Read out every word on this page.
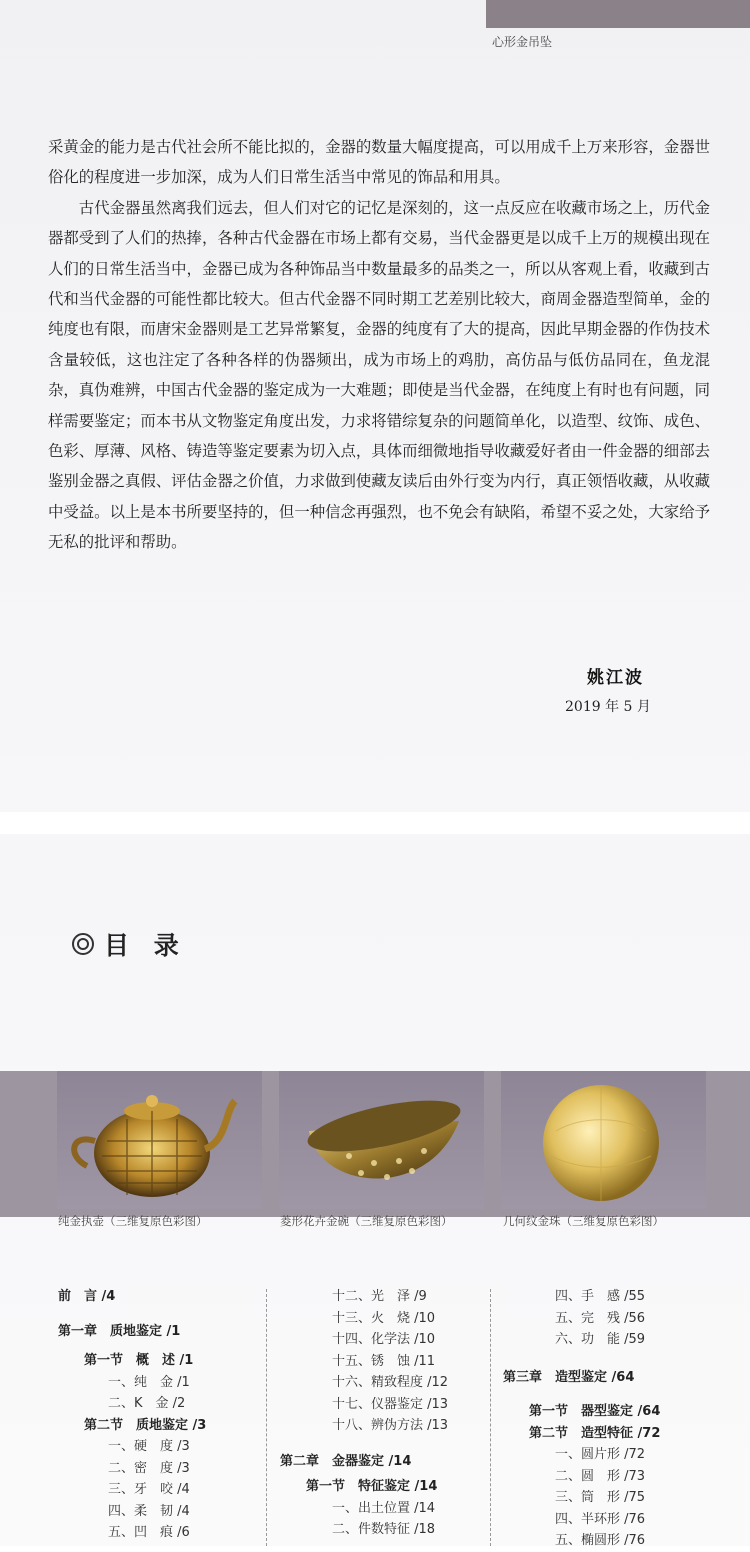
心形金吊坠

采黄金的能力是古代社会所不能比拟的，金器的数量大幅度提高，可以用成千上万来形容，金器世俗化的程度进一步加深，成为人们日常生活当中常见的饰品和用具。

古代金器虽然离我们远去，但人们对它的记忆是深刻的，这一点反应在收藏市场之上，历代金器都受到了人们的热捧，各种古代金器在市场上都有交易，当代金器更是以成千上万的规模出现在人们的日常生活当中，金器已成为各种饰品当中数量最多的品类之一，所以从客观上看，收藏到古代和当代金器的可能性都比较大。但古代金器不同时期工艺差别比较大，商周金器造型简单，金的纯度也有限，而唐宋金器则是工艺异常繁复，金器的纯度有了大的提高，因此早期金器的作伪技术含量较低，这也注定了各种各样的伪器频出，成为市场上的鸡肋，高仿品与低仿品同在，鱼龙混杂，真伪难辨，中国古代金器的鉴定成为一大难题；即使是当代金器，在纯度上有时也有问题，同样需要鉴定；而本书从文物鉴定角度出发，力求将错综复杂的问题简单化，以造型、纹饰、成色、色彩、厚薄、风格、铸造等鉴定要素为切入点，具体而细微地指导收藏爱好者由一件金器的细部去鉴别金器之真假、评估金器之价值，力求做到使藏友读后由外行变为内行，真正领悟收藏，从收藏中受益。以上是本书所要坚持的，但一种信念再强烈，也不免会有缺陷，希望不妥之处，大家给予无私的批评和帮助。

姚江波
2019 年 5 月
目 录
纯金执壶（三维复原色彩图）	菱形花卉金碗（三维复原色彩图）	几何纹金珠（三维复原色彩图）
前　言 /4
第一章　质地鉴定 /1
第一节　概　述 /1
一、纯　金 /1
二、K　金 /2
第二节　质地鉴定 /3
一、硬　度 /3
二、密　度 /3
三、牙　咬 /4
四、柔　韧 /4
五、凹　痕 /6
十二、光　泽 /9
十三、火　烧 /10
十四、化学法 /10
十五、锈　蚀 /11
十六、精致程度 /12
十七、仪器鉴定 /13
十八、辨伪方法 /13
第二章　金器鉴定 /14
第一节　特征鉴定 /14
一、出土位置 /14
二、件数特征 /18
四、手　感 /55
五、完　残 /56
六、功　能 /59
第三章　造型鉴定 /64
第一节　器型鉴定 /64
第二节　造型特征 /72
一、圆片形 /72
二、圆　形 /73
三、筒　形 /75
四、半环形 /76
五、椭圆形 /76
